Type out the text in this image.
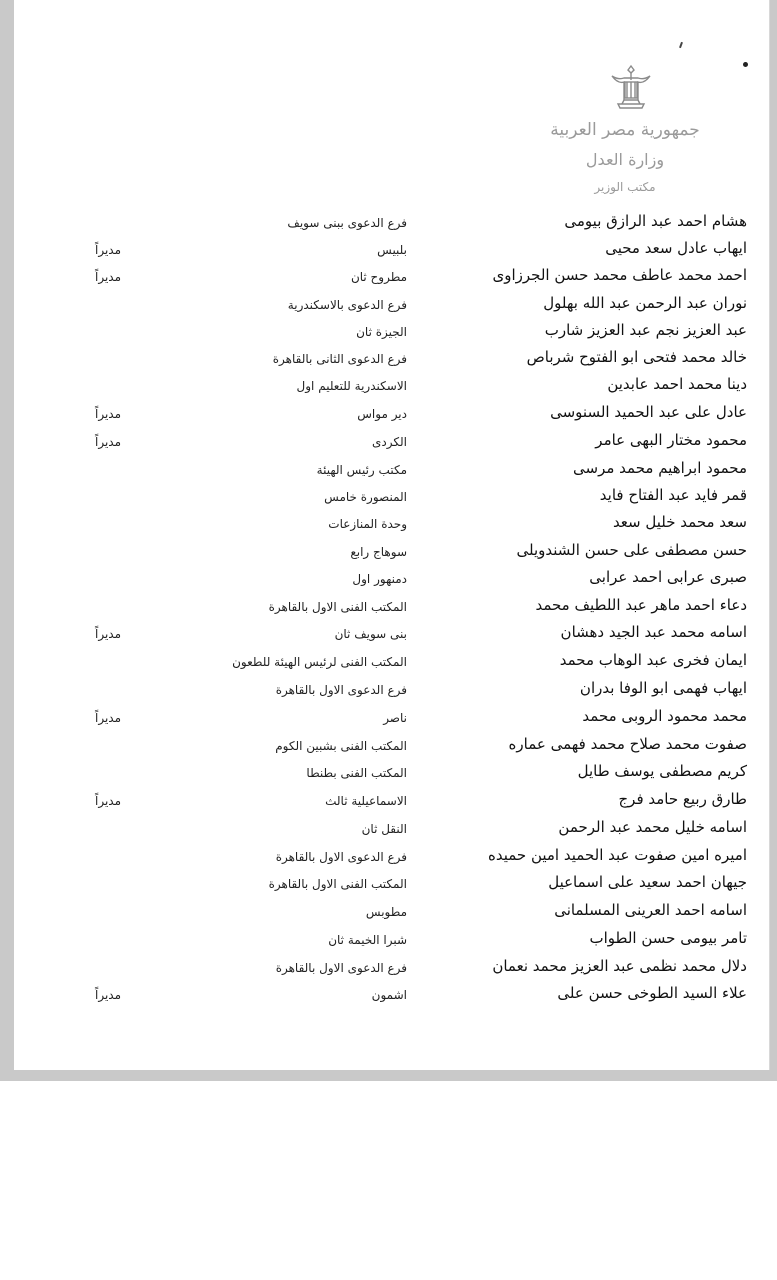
جمهورية مصر العربية
وزارة العدل
مكتب الوزير
هشام احمد عبد الرازق بيومى
فرع الدعوى ببنى سويف
ايهاب عادل سعد محيى
بلبيس
مديراً
احمد محمد عاطف محمد حسن الجرزاوى
مطروح ثان
مديراً
نوران عبد الرحمن عبد الله بهلول
فرع الدعوى بالاسكندرية
عبد العزيز نجم عبد العزيز شارب
الجيزة ثان
خالد محمد فتحى ابو الفتوح شرباص
فرع الدعوى الثانى بالقاهرة
دينا محمد احمد عابدين
الاسكندرية للتعليم اول
عادل على عبد الحميد السنوسى
دير مواس
مديراً
محمود مختار البهى عامر
الكردى
مديراً
محمود ابراهيم محمد مرسى
مكتب رئيس الهيئة
قمر فايد عبد الفتاح فايد
المنصورة خامس
سعد محمد خليل سعد
وحدة المنازعات
حسن مصطفى على حسن الشندويلى
سوهاج رابع
صبرى عرابى احمد عرابى
دمنهور اول
دعاء احمد ماهر عبد اللطيف محمد
المكتب الفنى الاول بالقاهرة
اسامه محمد عبد الجيد دهشان
بنى سويف ثان
مديراً
ايمان فخرى عبد الوهاب محمد
المكتب الفنى لرئيس الهيئة للطعون
ايهاب فهمى ابو الوفا بدران
فرع الدعوى الاول بالقاهرة
محمد محمود الروبى محمد
ناصر
مديراً
صفوت محمد صلاح محمد فهمى عماره
المكتب الفنى بشبين الكوم
كريم مصطفى يوسف طايل
المكتب الفنى بطنطا
طارق ربيع حامد فرج
الاسماعيلية ثالث
مديراً
اسامه خليل محمد عبد الرحمن
النقل ثان
اميره امين صفوت عبد الحميد امين حميده
فرع الدعوى الاول بالقاهرة
جيهان احمد سعيد على اسماعيل
المكتب الفنى الاول بالقاهرة
اسامه احمد العرينى المسلمانى
مطوبس
تامر بيومى حسن الطواب
شبرا الخيمة ثان
دلال محمد نظمى عبد العزيز محمد نعمان
فرع الدعوى الاول بالقاهرة
علاء السيد الطوخى حسن على
اشمون
مديراً
